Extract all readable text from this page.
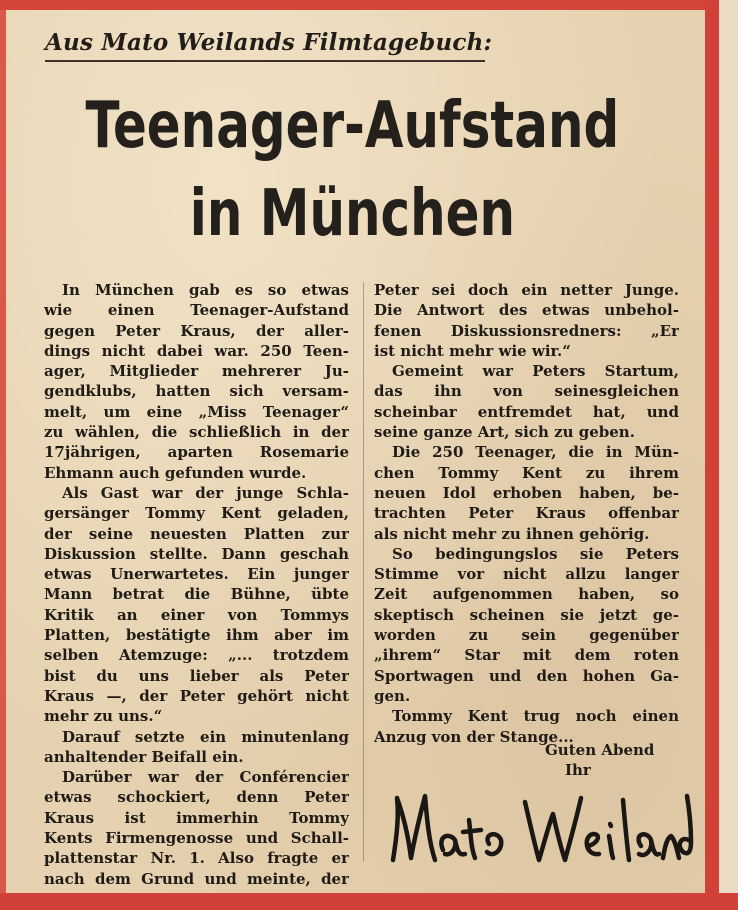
Aus Mato Weilands Filmtagebuch:
Teenager-Aufstand
in München
In München gab es so etwas
wie einen Teenager-Aufstand
gegen Peter Kraus, der aller-
dings nicht dabei war. 250 Teen-
ager, Mitglieder mehrerer Ju-
gendklubs, hatten sich versam-
melt, um eine „Miss Teenager“
zu wählen, die schließlich in der
17jährigen, aparten Rosemarie
Ehmann auch gefunden wurde.
Als Gast war der junge Schla-
gersänger Tommy Kent geladen,
der seine neuesten Platten zur
Diskussion stellte. Dann geschah
etwas Unerwartetes. Ein junger
Mann betrat die Bühne, übte
Kritik an einer von Tommys
Platten, bestätigte ihm aber im
selben Atemzuge: „... trotzdem
bist du uns lieber als Peter
Kraus —, der Peter gehört nicht
mehr zu uns.“
Darauf setzte ein minutenlang
anhaltender Beifall ein.
Darüber war der Conférencier
etwas schockiert, denn Peter
Kraus ist immerhin Tommy
Kents Firmengenosse und Schall-
plattenstar Nr. 1. Also fragte er
nach dem Grund und meinte, der
Peter sei doch ein netter Junge.
Die Antwort des etwas unbehol-
fenen Diskussionsredners: „Er
ist nicht mehr wie wir.“
Gemeint war Peters Startum,
das ihn von seinesgleichen
scheinbar entfremdet hat, und
seine ganze Art, sich zu geben.
Die 250 Teenager, die in Mün-
chen Tommy Kent zu ihrem
neuen Idol erhoben haben, be-
trachten Peter Kraus offenbar
als nicht mehr zu ihnen gehörig.
So bedingungslos sie Peters
Stimme vor nicht allzu langer
Zeit aufgenommen haben, so
skeptisch scheinen sie jetzt ge-
worden zu sein gegenüber
„ihrem“ Star mit dem roten
Sportwagen und den hohen Ga-
gen.
Tommy Kent trug noch einen
Anzug von der Stange...
Guten Abend
Ihr
